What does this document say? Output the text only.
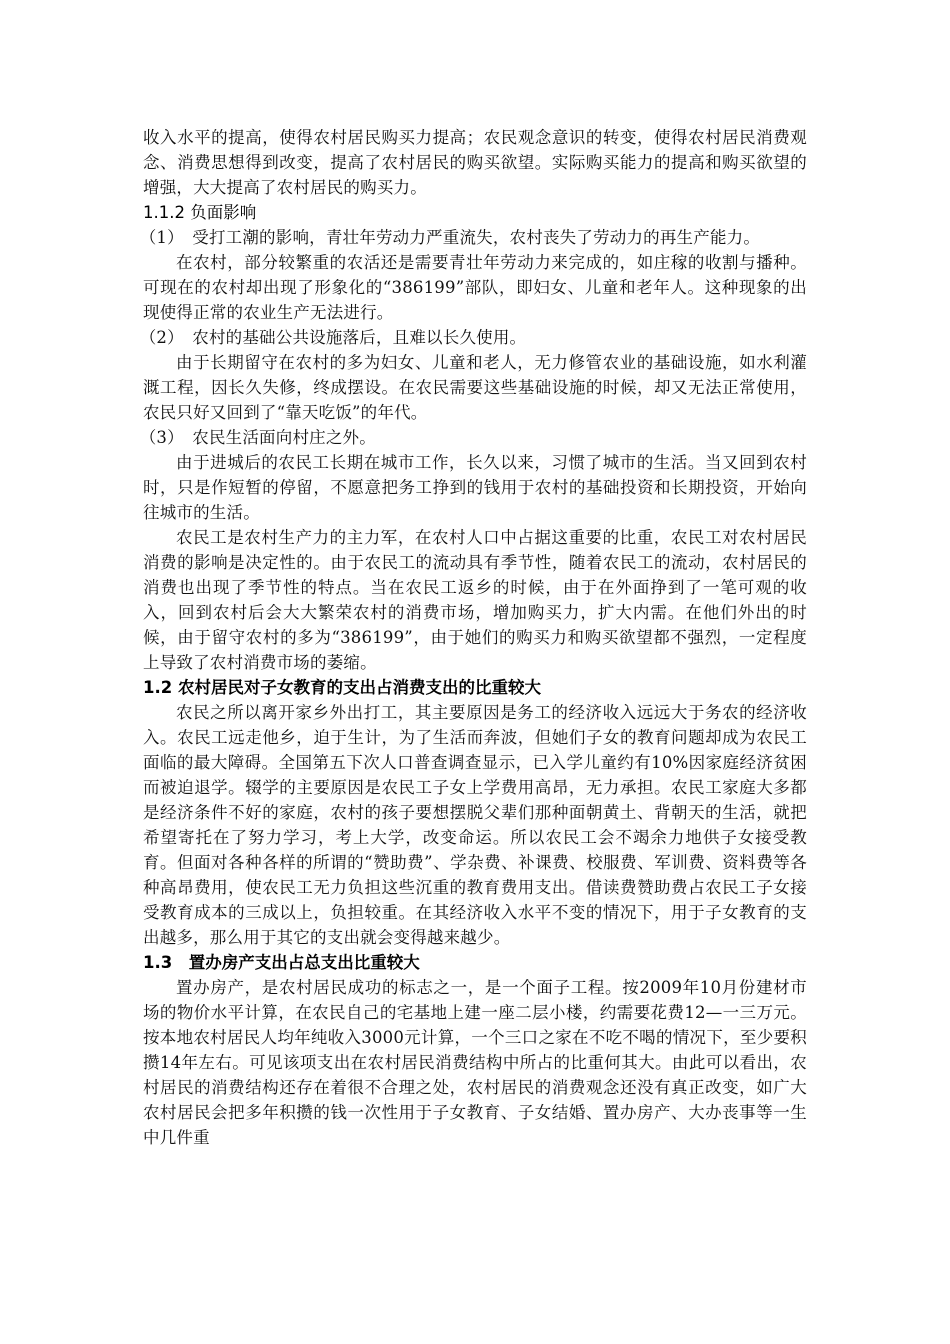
收入水平的提高，使得农村居民购买力提高；农民观念意识的转变，使得农村居民消费观念、消费思想得到改变，提高了农村居民的购买欲望。实际购买能力的提高和购买欲望的增强，大大提高了农村居民的购买力。

1.1.2 负面影响

（1）　受打工潮的影响，青壮年劳动力严重流失，农村丧失了劳动力的再生产能力。

在农村，部分较繁重的农活还是需要青壮年劳动力来完成的，如庄稼的收割与播种。可现在的农村却出现了形象化的“386199”部队，即妇女、儿童和老年人。这种现象的出现使得正常的农业生产无法进行。

（2）　农村的基础公共设施落后，且难以长久使用。

由于长期留守在农村的多为妇女、儿童和老人，无力修管农业的基础设施，如水利灌溉工程，因长久失修，终成摆设。在农民需要这些基础设施的时候，却又无法正常使用，农民只好又回到了“靠天吃饭”的年代。

（3）　农民生活面向村庄之外。

由于进城后的农民工长期在城市工作，长久以来，习惯了城市的生活。当又回到农村时，只是作短暂的停留，不愿意把务工挣到的钱用于农村的基础投资和长期投资，开始向往城市的生活。

农民工是农村生产力的主力军，在农村人口中占据这重要的比重，农民工对农村居民消费的影响是决定性的。由于农民工的流动具有季节性，随着农民工的流动，农村居民的消费也出现了季节性的特点。当在农民工返乡的时候，由于在外面挣到了一笔可观的收入，回到农村后会大大繁荣农村的消费市场，增加购买力，扩大内需。在他们外出的时候，由于留守农村的多为“386199”，由于她们的购买力和购买欲望都不强烈，一定程度上导致了农村消费市场的萎缩。

1.2 农村居民对子女教育的支出占消费支出的比重较大

农民之所以离开家乡外出打工，其主要原因是务工的经济收入远远大于务农的经济收入。农民工远走他乡，迫于生计，为了生活而奔波，但她们子女的教育问题却成为农民工面临的最大障碍。全国第五下次人口普查调查显示，已入学儿童约有10%因家庭经济贫困而被迫退学。辍学的主要原因是农民工子女上学费用高昂，无力承担。农民工家庭大多都是经济条件不好的家庭，农村的孩子要想摆脱父辈们那种面朝黄土、背朝天的生活，就把希望寄托在了努力学习，考上大学，改变命运。所以农民工会不竭余力地供子女接受教育。但面对各种各样的所谓的“赞助费”、学杂费、补课费、校服费、军训费、资料费等各种高昂费用，使农民工无力负担这些沉重的教育费用支出。借读费赞助费占农民工子女接受教育成本的三成以上，负担较重。在其经济收入水平不变的情况下，用于子女教育的支出越多，那么用于其它的支出就会变得越来越少。

1.3　置办房产支出占总支出比重较大

置办房产，是农村居民成功的标志之一，是一个面子工程。按2009年10月份建材市场的物价水平计算，在农民自己的宅基地上建一座二层小楼，约需要花费12—一三万元。按本地农村居民人均年纯收入3000元计算，一个三口之家在不吃不喝的情况下，至少要积攒14年左右。可见该项支出在农村居民消费结构中所占的比重何其大。由此可以看出，农村居民的消费结构还存在着很不合理之处，农村居民的消费观念还没有真正改变，如广大农村居民会把多年积攒的钱一次性用于子女教育、子女结婚、置办房产、大办丧事等一生中几件重
